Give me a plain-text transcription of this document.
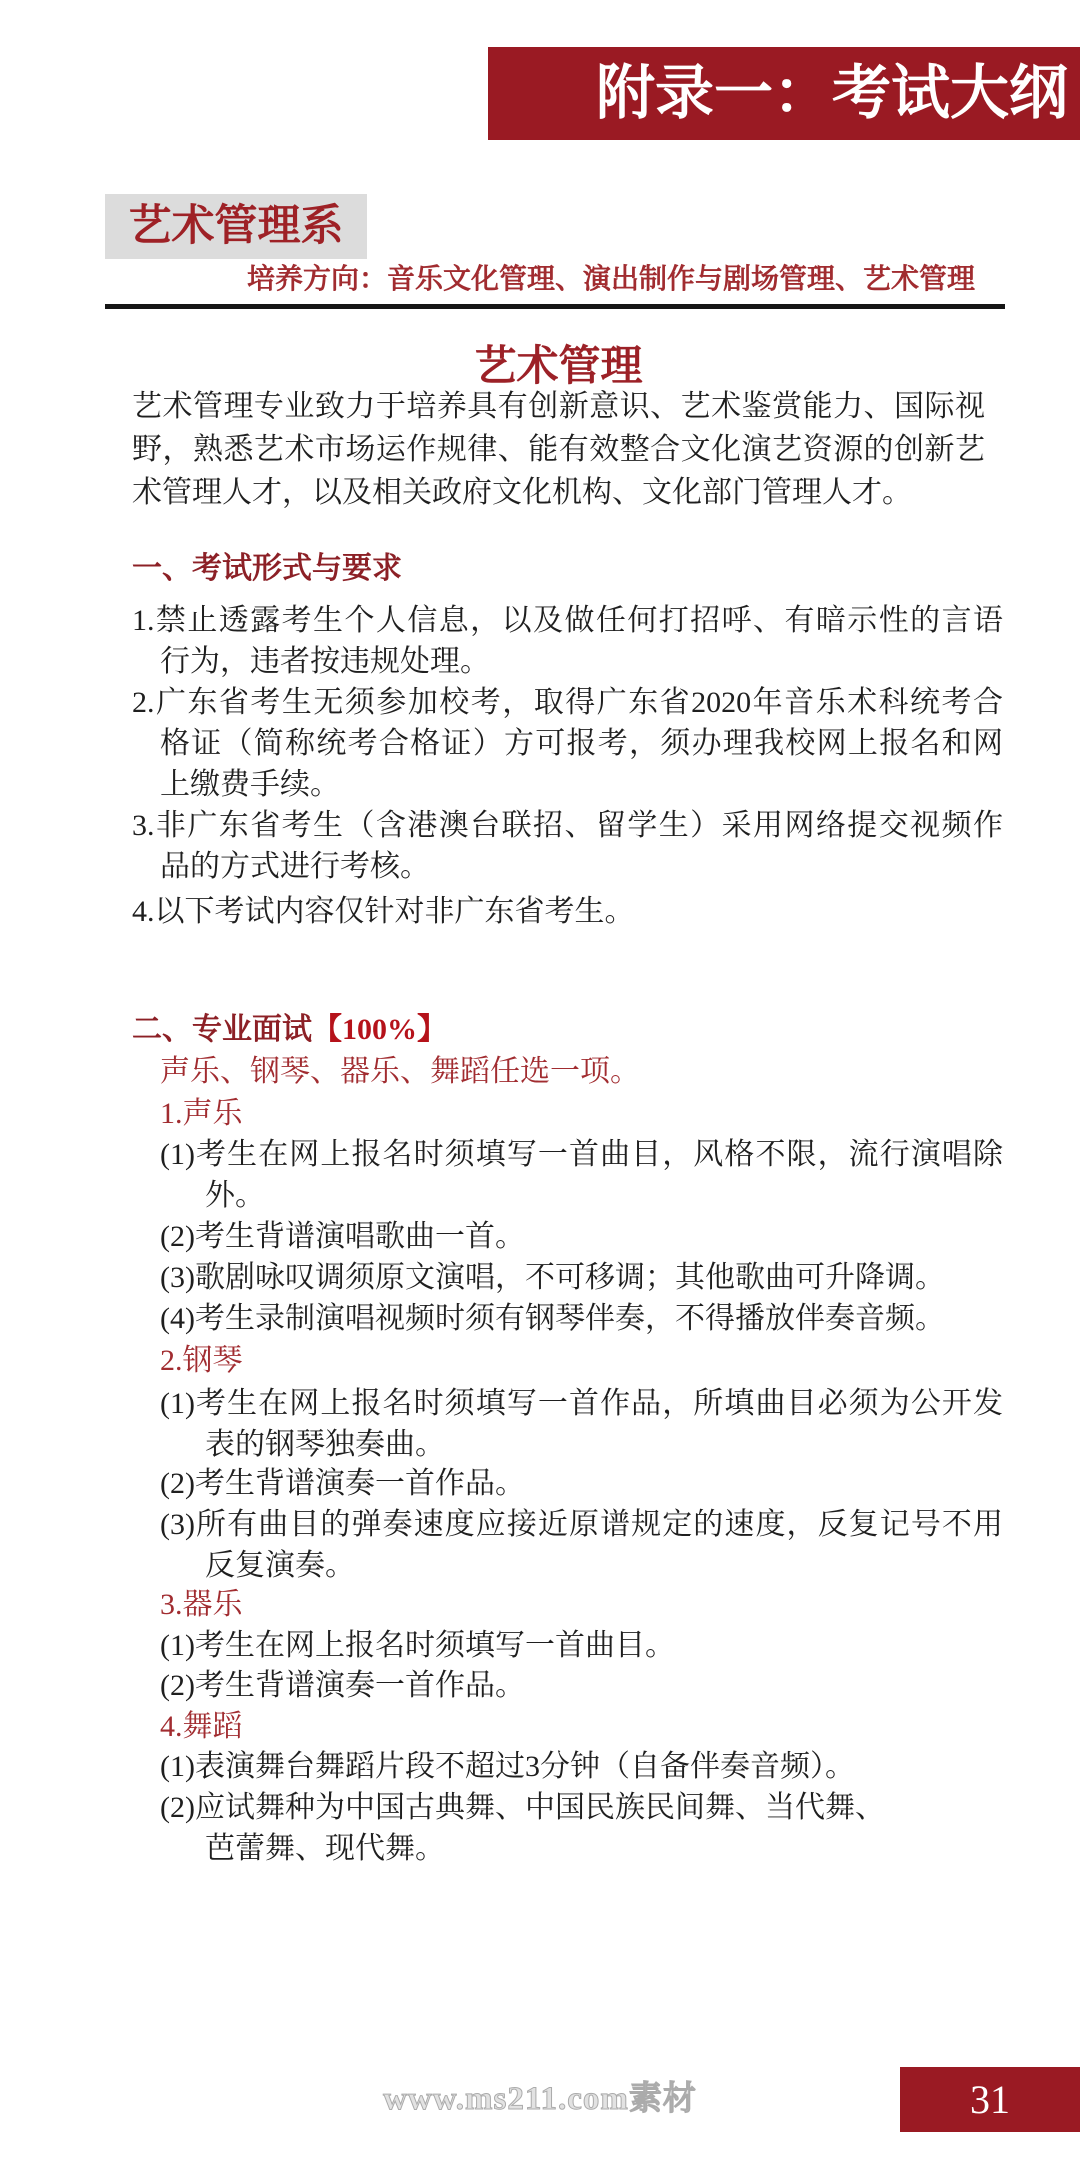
附录一：考试大纲
艺术管理系
培养方向：音乐文化管理、演出制作与剧场管理、艺术管理
艺术管理
艺术管理专业致力于培养具有创新意识、艺术鉴赏能力、国际视
野，熟悉艺术市场运作规律、能有效整合文化演艺资源的创新艺
术管理人才，以及相关政府文化机构、文化部门管理人才。
一、考试形式与要求
1.禁止透露考生个人信息，以及做任何打招呼、有暗示性的言语
行为，违者按违规处理。
2.广东省考生无须参加校考，取得广东省2020年音乐术科统考合
格证（简称统考合格证）方可报考，须办理我校网上报名和网
上缴费手续。
3.非广东省考生（含港澳台联招、留学生）采用网络提交视频作
品的方式进行考核。
4.以下考试内容仅针对非广东省考生。
二、专业面试【100%】
声乐、钢琴、器乐、舞蹈任选一项。
1.声乐
(1)考生在网上报名时须填写一首曲目，风格不限，流行演唱除
外。
(2)考生背谱演唱歌曲一首。
(3)歌剧咏叹调须原文演唱，不可移调；其他歌曲可升降调。
(4)考生录制演唱视频时须有钢琴伴奏，不得播放伴奏音频。
2.钢琴
(1)考生在网上报名时须填写一首作品，所填曲目必须为公开发
表的钢琴独奏曲。
(2)考生背谱演奏一首作品。
(3)所有曲目的弹奏速度应接近原谱规定的速度，反复记号不用
反复演奏。
3.器乐
(1)考生在网上报名时须填写一首曲目。
(2)考生背谱演奏一首作品。
4.舞蹈
(1)表演舞台舞蹈片段不超过3分钟（自备伴奏音频）。
(2)应试舞种为中国古典舞、中国民族民间舞、当代舞、
芭蕾舞、现代舞。
www.ms211.com素材	31
